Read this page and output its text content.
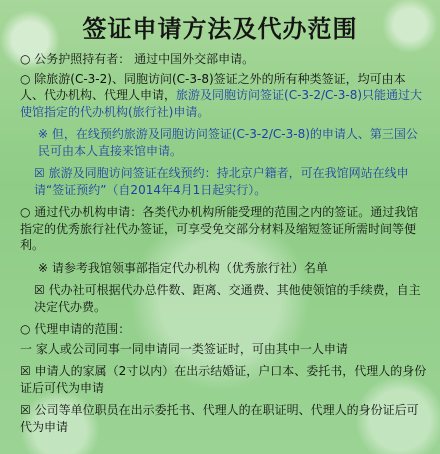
签证申请方法及代办范围
○ 公务护照持有者： 通过中国外交部申请。
○ 除旅游(C-3-2)、同胞访问(C-3-8)签证之外的所有种类签证，均可由本人、代办机构、代理人申请，旅游及同胞访问签证(C-3-2/C-3-8)只能通过大使馆指定的代办机构(旅行社)申请。
※ 但，在线预约旅游及同胞访问签证(C-3-2/C-3-8)的申请人、第三国公民可由本人直接来馆申请。
☒ 旅游及同胞访问签证在线预约：持北京户籍者，可在我馆网站在线申请“签证预约”（自2014年4月1日起实行）。
○ 通过代办机构申请：各类代办机构所能受理的范围之内的签证。通过我馆指定的优秀旅行社代办签证，可享受免交部分材料及缩短签证所需时间等便利。
※ 请参考我馆领事部指定代办机构（优秀旅行社）名单
☒ 代办社可根据代办总件数、距离、交通费、其他使领馆的手续费，自主决定代办费。
○ 代理申请的范围：
一 家人或公司同事一同申请同一类签证时，可由其中一人申请
☒ 申请人的家属（2寸以内）在出示结婚证，户口本、委托书，代理人的身份证后可代为申请
☒ 公司等单位职员在出示委托书、代理人的在职证明、代理人的身份证后可代为申请
